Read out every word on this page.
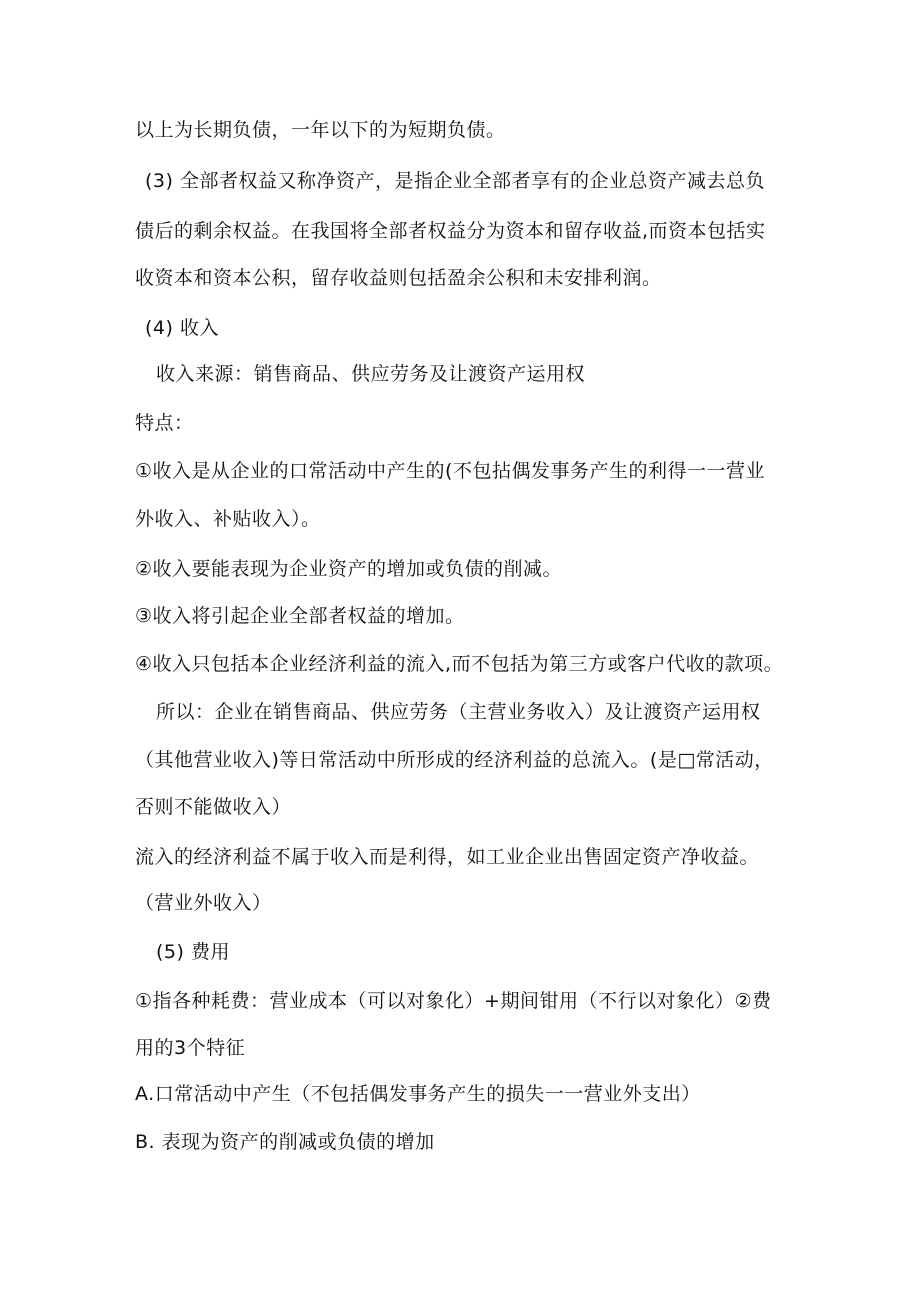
以上为长期负债，一年以下的为短期负债。
(3) 全部者权益又称净资产，是指企业全部者享有的企业总资产减去总负
债后的剩余权益。在我国将全部者权益分为资本和留存收益,而资本包括实
收资本和资本公积，留存收益则包括盈余公积和未安排利润。
(4) 收入
收入来源：销售商品、供应劳务及让渡资产运用权
特点：
①收入是从企业的口常活动中产生的(不包拈偶发事务产生的利得一一营业
外收入、补贴收入）。
②收入要能表现为企业资产的增加或负债的削减。
③收入将引起企业全部者权益的增加。
④收入只包括本企业经济利益的流入,而不包括为第三方或客户代收的款项。
所以：企业在销售商品、供应劳务（主营业务收入）及让渡资产运用权
（其他营业收入)等日常活动中所形成的经济利益的总流入。(是□常活动，
否则不能做收入）
流入的经济利益不属于收入而是利得，如工业企业出售固定资产净收益。
（营业外收入）
(5) 费用
①指各种耗费：营业成本（可以对象化）+期间钳用（不行以对象化）②费
用的3个特征
A.口常活动中产生（不包括偶发事务产生的损失一一营业外支出）
B. 表现为资产的削减或负债的增加
